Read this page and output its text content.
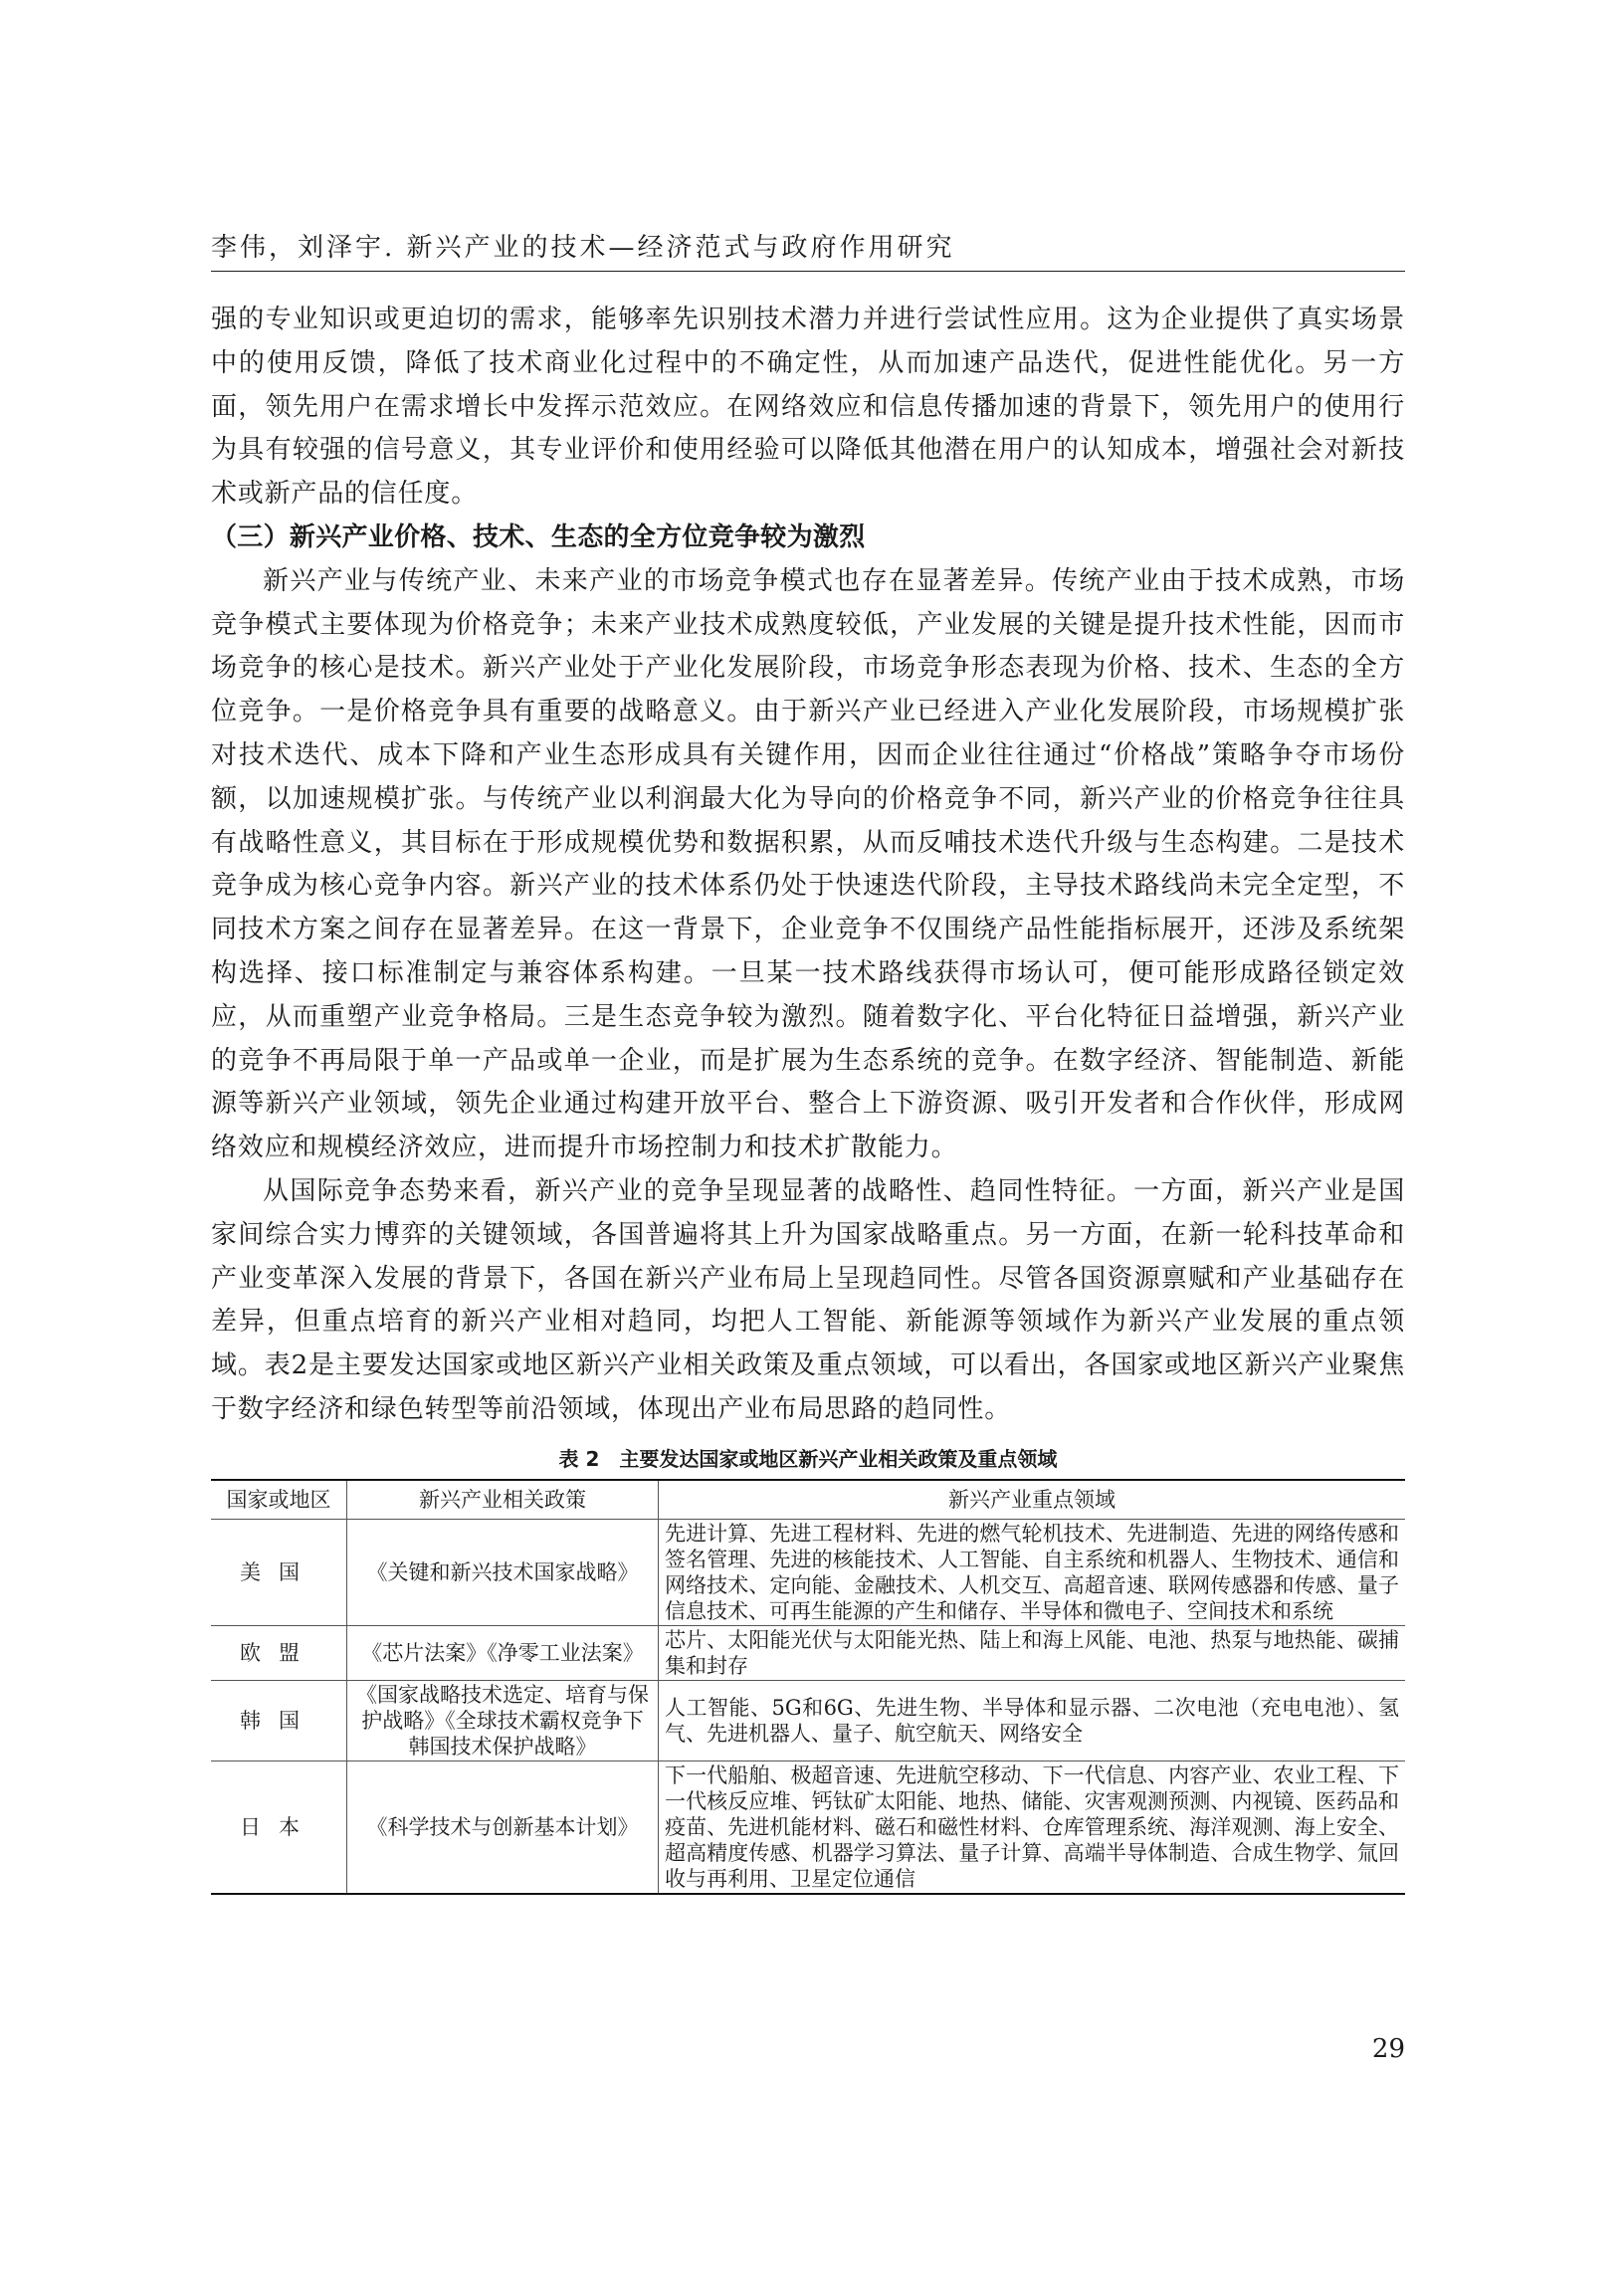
李伟，刘泽宇. 新兴产业的技术—经济范式与政府作用研究

强的专业知识或更迫切的需求，能够率先识别技术潜力并进行尝试性应用。这为企业提供了真实场景中的使用反馈，降低了技术商业化过程中的不确定性，从而加速产品迭代，促进性能优化。另一方面，领先用户在需求增长中发挥示范效应。在网络效应和信息传播加速的背景下，领先用户的使用行为具有较强的信号意义，其专业评价和使用经验可以降低其他潜在用户的认知成本，增强社会对新技术或新产品的信任度。

（三）新兴产业价格、技术、生态的全方位竞争较为激烈

新兴产业与传统产业、未来产业的市场竞争模式也存在显著差异。传统产业由于技术成熟，市场竞争模式主要体现为价格竞争；未来产业技术成熟度较低，产业发展的关键是提升技术性能，因而市场竞争的核心是技术。新兴产业处于产业化发展阶段，市场竞争形态表现为价格、技术、生态的全方位竞争。一是价格竞争具有重要的战略意义。由于新兴产业已经进入产业化发展阶段，市场规模扩张对技术迭代、成本下降和产业生态形成具有关键作用，因而企业往往通过“价格战”策略争夺市场份额，以加速规模扩张。与传统产业以利润最大化为导向的价格竞争不同，新兴产业的价格竞争往往具有战略性意义，其目标在于形成规模优势和数据积累，从而反哺技术迭代升级与生态构建。二是技术竞争成为核心竞争内容。新兴产业的技术体系仍处于快速迭代阶段，主导技术路线尚未完全定型，不同技术方案之间存在显著差异。在这一背景下，企业竞争不仅围绕产品性能指标展开，还涉及系统架构选择、接口标准制定与兼容体系构建。一旦某一技术路线获得市场认可，便可能形成路径锁定效应，从而重塑产业竞争格局。三是生态竞争较为激烈。随着数字化、平台化特征日益增强，新兴产业的竞争不再局限于单一产品或单一企业，而是扩展为生态系统的竞争。在数字经济、智能制造、新能源等新兴产业领域，领先企业通过构建开放平台、整合上下游资源、吸引开发者和合作伙伴，形成网络效应和规模经济效应，进而提升市场控制力和技术扩散能力。

从国际竞争态势来看，新兴产业的竞争呈现显著的战略性、趋同性特征。一方面，新兴产业是国家间综合实力博弈的关键领域，各国普遍将其上升为国家战略重点。另一方面，在新一轮科技革命和产业变革深入发展的背景下，各国在新兴产业布局上呈现趋同性。尽管各国资源禀赋和产业基础存在差异，但重点培育的新兴产业相对趋同，均把人工智能、新能源等领域作为新兴产业发展的重点领域。表2是主要发达国家或地区新兴产业相关政策及重点领域，可以看出，各国家或地区新兴产业聚焦于数字经济和绿色转型等前沿领域，体现出产业布局思路的趋同性。

表 2　主要发达国家或地区新兴产业相关政策及重点领域
国家或地区	新兴产业相关政策	新兴产业重点领域
美国	《关键和新兴技术国家战略》	先进计算、先进工程材料、先进的燃气轮机技术、先进制造、先进的网络传感和签名管理、先进的核能技术、人工智能、自主系统和机器人、生物技术、通信和网络技术、定向能、金融技术、人机交互、高超音速、联网传感器和传感、量子信息技术、可再生能源的产生和储存、半导体和微电子、空间技术和系统
欧盟	《芯片法案》《净零工业法案》	芯片、太阳能光伏与太阳能光热、陆上和海上风能、电池、热泵与地热能、碳捕集和封存
韩国	《国家战略技术选定、培育与保护战略》《全球技术霸权竞争下韩国技术保护战略》	人工智能、5G和6G、先进生物、半导体和显示器、二次电池（充电电池）、氢气、先进机器人、量子、航空航天、网络安全
日本	《科学技术与创新基本计划》	下一代船舶、极超音速、先进航空移动、下一代信息、内容产业、农业工程、下一代核反应堆、钙钛矿太阳能、地热、储能、灾害观测预测、内视镜、医药品和疫苗、先进机能材料、磁石和磁性材料、仓库管理系统、海洋观测、海上安全、超高精度传感、机器学习算法、量子计算、高端半导体制造、合成生物学、氚回收与再利用、卫星定位通信
29
